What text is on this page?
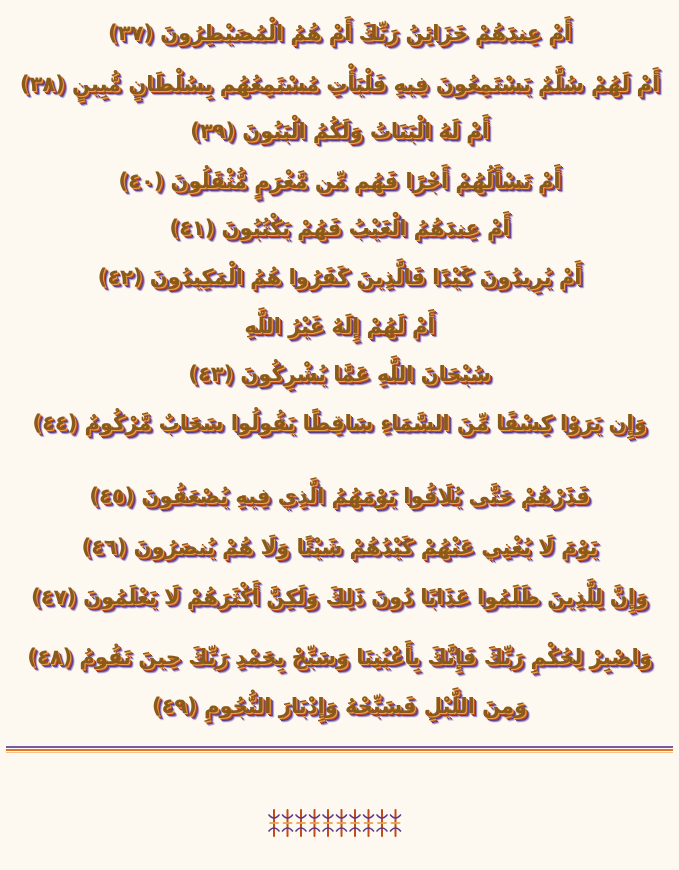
أَمْ عِندَهُمْ خَزَائِنُ رَبِّكَ أَمْ هُمُ الْمُصَيْطِرُونَ (٣٧)
أَمْ لَهُمْ سُلَّمٌ يَسْتَمِعُونَ فِيهِ فَلْيَأْتِ مُسْتَمِعُهُم بِسُلْطَانٍ مُّبِينٍ (٣٨)
أَمْ لَهُ الْبَنَاتُ وَلَكُمُ الْبَنُونَ (٣٩)
أَمْ تَسْأَلُهُمْ أَجْرًا فَهُم مِّن مَّغْرَمٍ مُّثْقَلُونَ (٤٠)
أَمْ عِندَهُمُ الْغَيْبُ فَهُمْ يَكْتُبُونَ (٤١)
أَمْ يُرِيدُونَ كَيْدًا فَالَّذِينَ كَفَرُوا هُمُ الْمَكِيدُونَ (٤٢)
أَمْ لَهُمْ إِلَهٌ غَيْرُ اللَّهِ
سُبْحَانَ اللَّهِ عَمَّا يُشْرِكُونَ (٤٣)
وَإِن يَرَوْا كِسْفًا مِّنَ السَّمَاءِ سَاقِطًا يَقُولُوا سَحَابٌ مَّرْكُومٌ (٤٤)
فَذَرْهُمْ حَتَّى يُلَاقُوا يَوْمَهُمُ الَّذِي فِيهِ يُصْعَقُونَ (٤٥)
يَوْمَ لَا يُغْنِي عَنْهُمْ كَيْدُهُمْ شَيْئًا وَلَا هُمْ يُنصَرُونَ (٤٦)
وَإِنَّ لِلَّذِينَ ظَلَمُوا عَذَابًا دُونَ ذَلِكَ وَلَكِنَّ أَكْثَرَهُمْ لَا يَعْلَمُونَ (٤٧)
وَاصْبِرْ لِحُكْمِ رَبِّكَ فَإِنَّكَ بِأَعْيُنِنَا وَسَبِّحْ بِحَمْدِ رَبِّكَ حِينَ تَقُومُ (٤٨)
وَمِنَ اللَّيْلِ فَسَبِّحْهُ وَإِدْبَارَ النُّجُومِ (٤٩)
